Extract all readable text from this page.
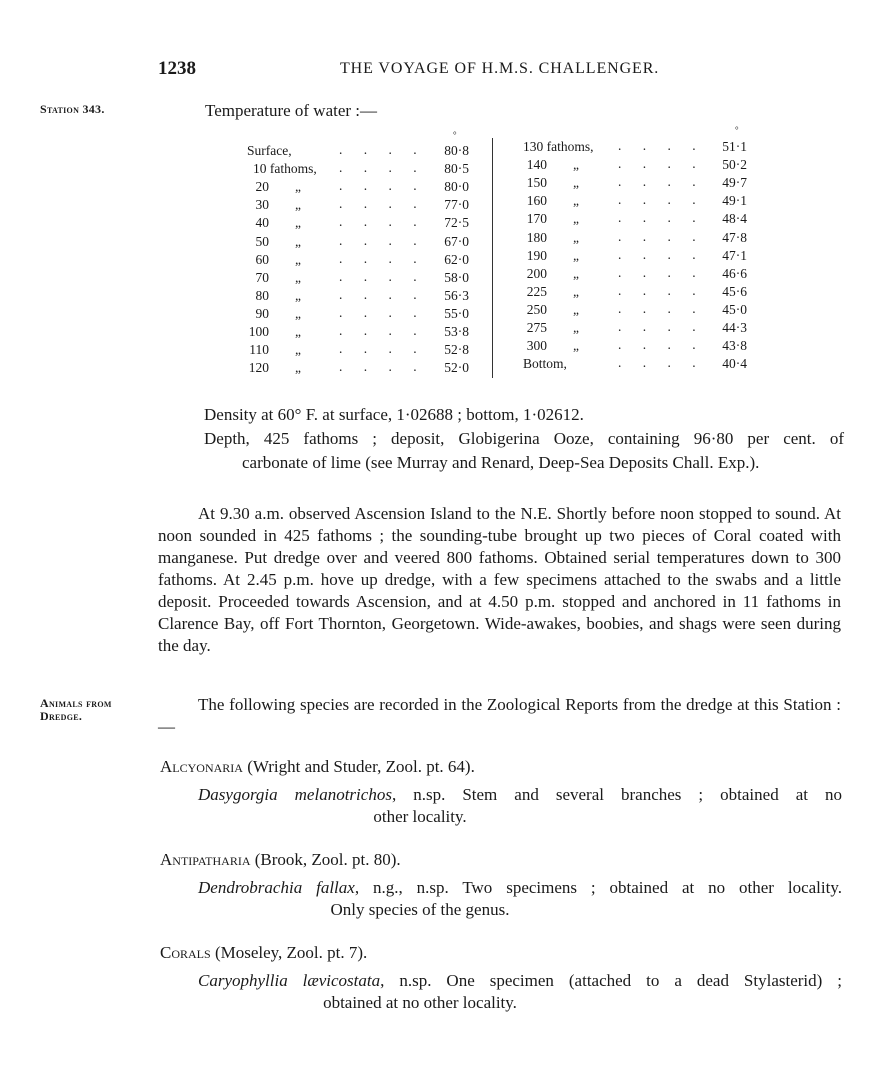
1238	THE VOYAGE OF H.M.S. CHALLENGER.
Station 343.	Temperature of water :—
°	°
Surface,	. . . .	80·8
10 fathoms, . . . .	80·5
20 „	. . . .	80·0
30 „	. . . .	77·0
40 „	. . . .	72·5
50 „	. . . .	67·0
60 „	. . . .	62·0
70 „	. . . .	58·0
80 „	. . . .	56·3
90 „	. . . .	55·0
100 „	. . . .	53·8
110 „	. . . .	52·8
120 „	. . . .	52·0
130 fathoms, . . . .	51·1
140 „	. . . .	50·2
150 „	. . . .	49·7
160 „	. . . .	49·1
170 „	. . . .	48·4
180 „	. . . .	47·8
190 „	. . . .	47·1
200 „	. . . .	46·6
225 „	. . . .	45·6
250 „	. . . .	45·0
275 „	. . . .	44·3
300 „	. . . .	43·8
Bottom,	. . . .	40·4
Density at 60° F. at surface, 1·02688 ; bottom, 1·02612.
Depth, 425 fathoms ; deposit, Globigerina Ooze, containing 96·80 per cent. of
carbonate of lime (see Murray and Renard, Deep-Sea Deposits Chall. Exp.).
At 9.30 a.m. observed Ascension Island to the N.E. Shortly before noon stopped to sound. At noon sounded in 425 fathoms ; the sounding-tube brought up two pieces of Coral coated with manganese. Put dredge over and veered 800 fathoms. Obtained serial temperatures down to 300 fathoms. At 2.45 p.m. hove up dredge, with a few specimens attached to the swabs and a little deposit. Proceeded towards Ascension, and at 4.50 p.m. stopped and anchored in 11 fathoms in Clarence Bay, off Fort Thornton, Georgetown. Wide-awakes, boobies, and shags were seen during the day.
Animals from
Dredge.
The following species are recorded in the Zoological Reports from the dredge at this Station :—
Alcyonaria (Wright and Studer, Zool. pt. 64).
Dasygorgia melanotrichos, n.sp. Stem and several branches ; obtained at no
other locality.
Antipatharia (Brook, Zool. pt. 80).
Dendrobrachia fallax, n.g., n.sp. Two specimens ; obtained at no other locality.
Only species of the genus.
Corals (Moseley, Zool. pt. 7).
Caryophyllia lævicostata, n.sp. One specimen (attached to a dead Stylasterid) ;
obtained at no other locality.
